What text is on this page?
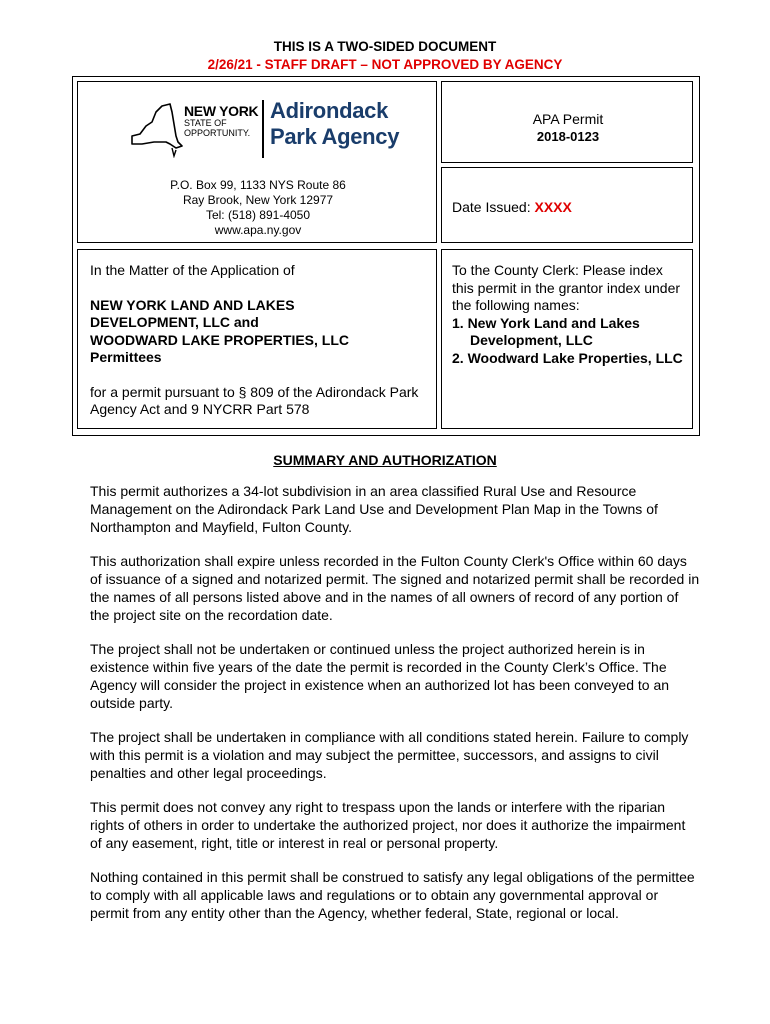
THIS IS A TWO-SIDED DOCUMENT
2/26/21 - STAFF DRAFT – NOT APPROVED BY AGENCY
NEW YORK
STATE OF
OPPORTUNITY.
Adirondack
Park Agency
P.O. Box 99, 1133 NYS Route 86
Ray Brook, New York 12977
Tel: (518) 891-4050
www.apa.ny.gov
APA Permit
2018-0123
Date Issued: XXXX

In the Matter of the Application of

NEW YORK LAND AND LAKES
DEVELOPMENT, LLC and
WOODWARD LAKE PROPERTIES, LLC
Permittees

for a permit pursuant to § 809 of the Adirondack Park Agency Act and 9 NYCRR Part 578

To the County Clerk: Please index this permit in the grantor index under the following names:
1. New York Land and Lakes Development, LLC
2. Woodward Lake Properties, LLC
SUMMARY AND AUTHORIZATION

This permit authorizes a 34-lot subdivision in an area classified Rural Use and Resource Management on the Adirondack Park Land Use and Development Plan Map in the Towns of Northampton and Mayfield, Fulton County.

This authorization shall expire unless recorded in the Fulton County Clerk's Office within 60 days of issuance of a signed and notarized permit. The signed and notarized permit shall be recorded in the names of all persons listed above and in the names of all owners of record of any portion of the project site on the recordation date.

The project shall not be undertaken or continued unless the project authorized herein is in existence within five years of the date the permit is recorded in the County Clerk’s Office. The Agency will consider the project in existence when an authorized lot has been conveyed to an outside party.

The project shall be undertaken in compliance with all conditions stated herein. Failure to comply with this permit is a violation and may subject the permittee, successors, and assigns to civil penalties and other legal proceedings.

This permit does not convey any right to trespass upon the lands or interfere with the riparian rights of others in order to undertake the authorized project, nor does it authorize the impairment of any easement, right, title or interest in real or personal property.

Nothing contained in this permit shall be construed to satisfy any legal obligations of the permittee to comply with all applicable laws and regulations or to obtain any governmental approval or permit from any entity other than the Agency, whether federal, State, regional or local.
